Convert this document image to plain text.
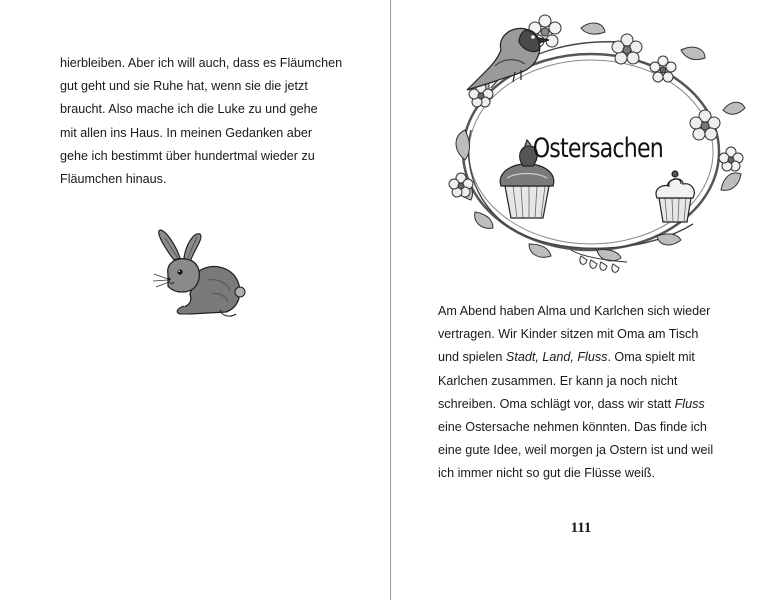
hierbleiben. Aber ich will auch, dass es Fläumchen
gut geht und sie Ruhe hat, wenn sie die jetzt
braucht. Also mache ich die Luke zu und gehe
mit allen ins Haus. In meinen Gedanken aber
gehe ich bestimmt über hundertmal wieder zu
Fläumchen hinaus.
Ostersachen
Am Abend haben Alma und Karlchen sich wieder
vertragen. Wir Kinder sitzen mit Oma am Tisch
und spielen Stadt, Land, Fluss. Oma spielt mit
Karlchen zusammen. Er kann ja noch nicht
schreiben. Oma schlägt vor, dass wir statt Fluss
eine Ostersache nehmen könnten. Das finde ich
eine gute Idee, weil morgen ja Ostern ist und weil
ich immer nicht so gut die Flüsse weiß.
111
